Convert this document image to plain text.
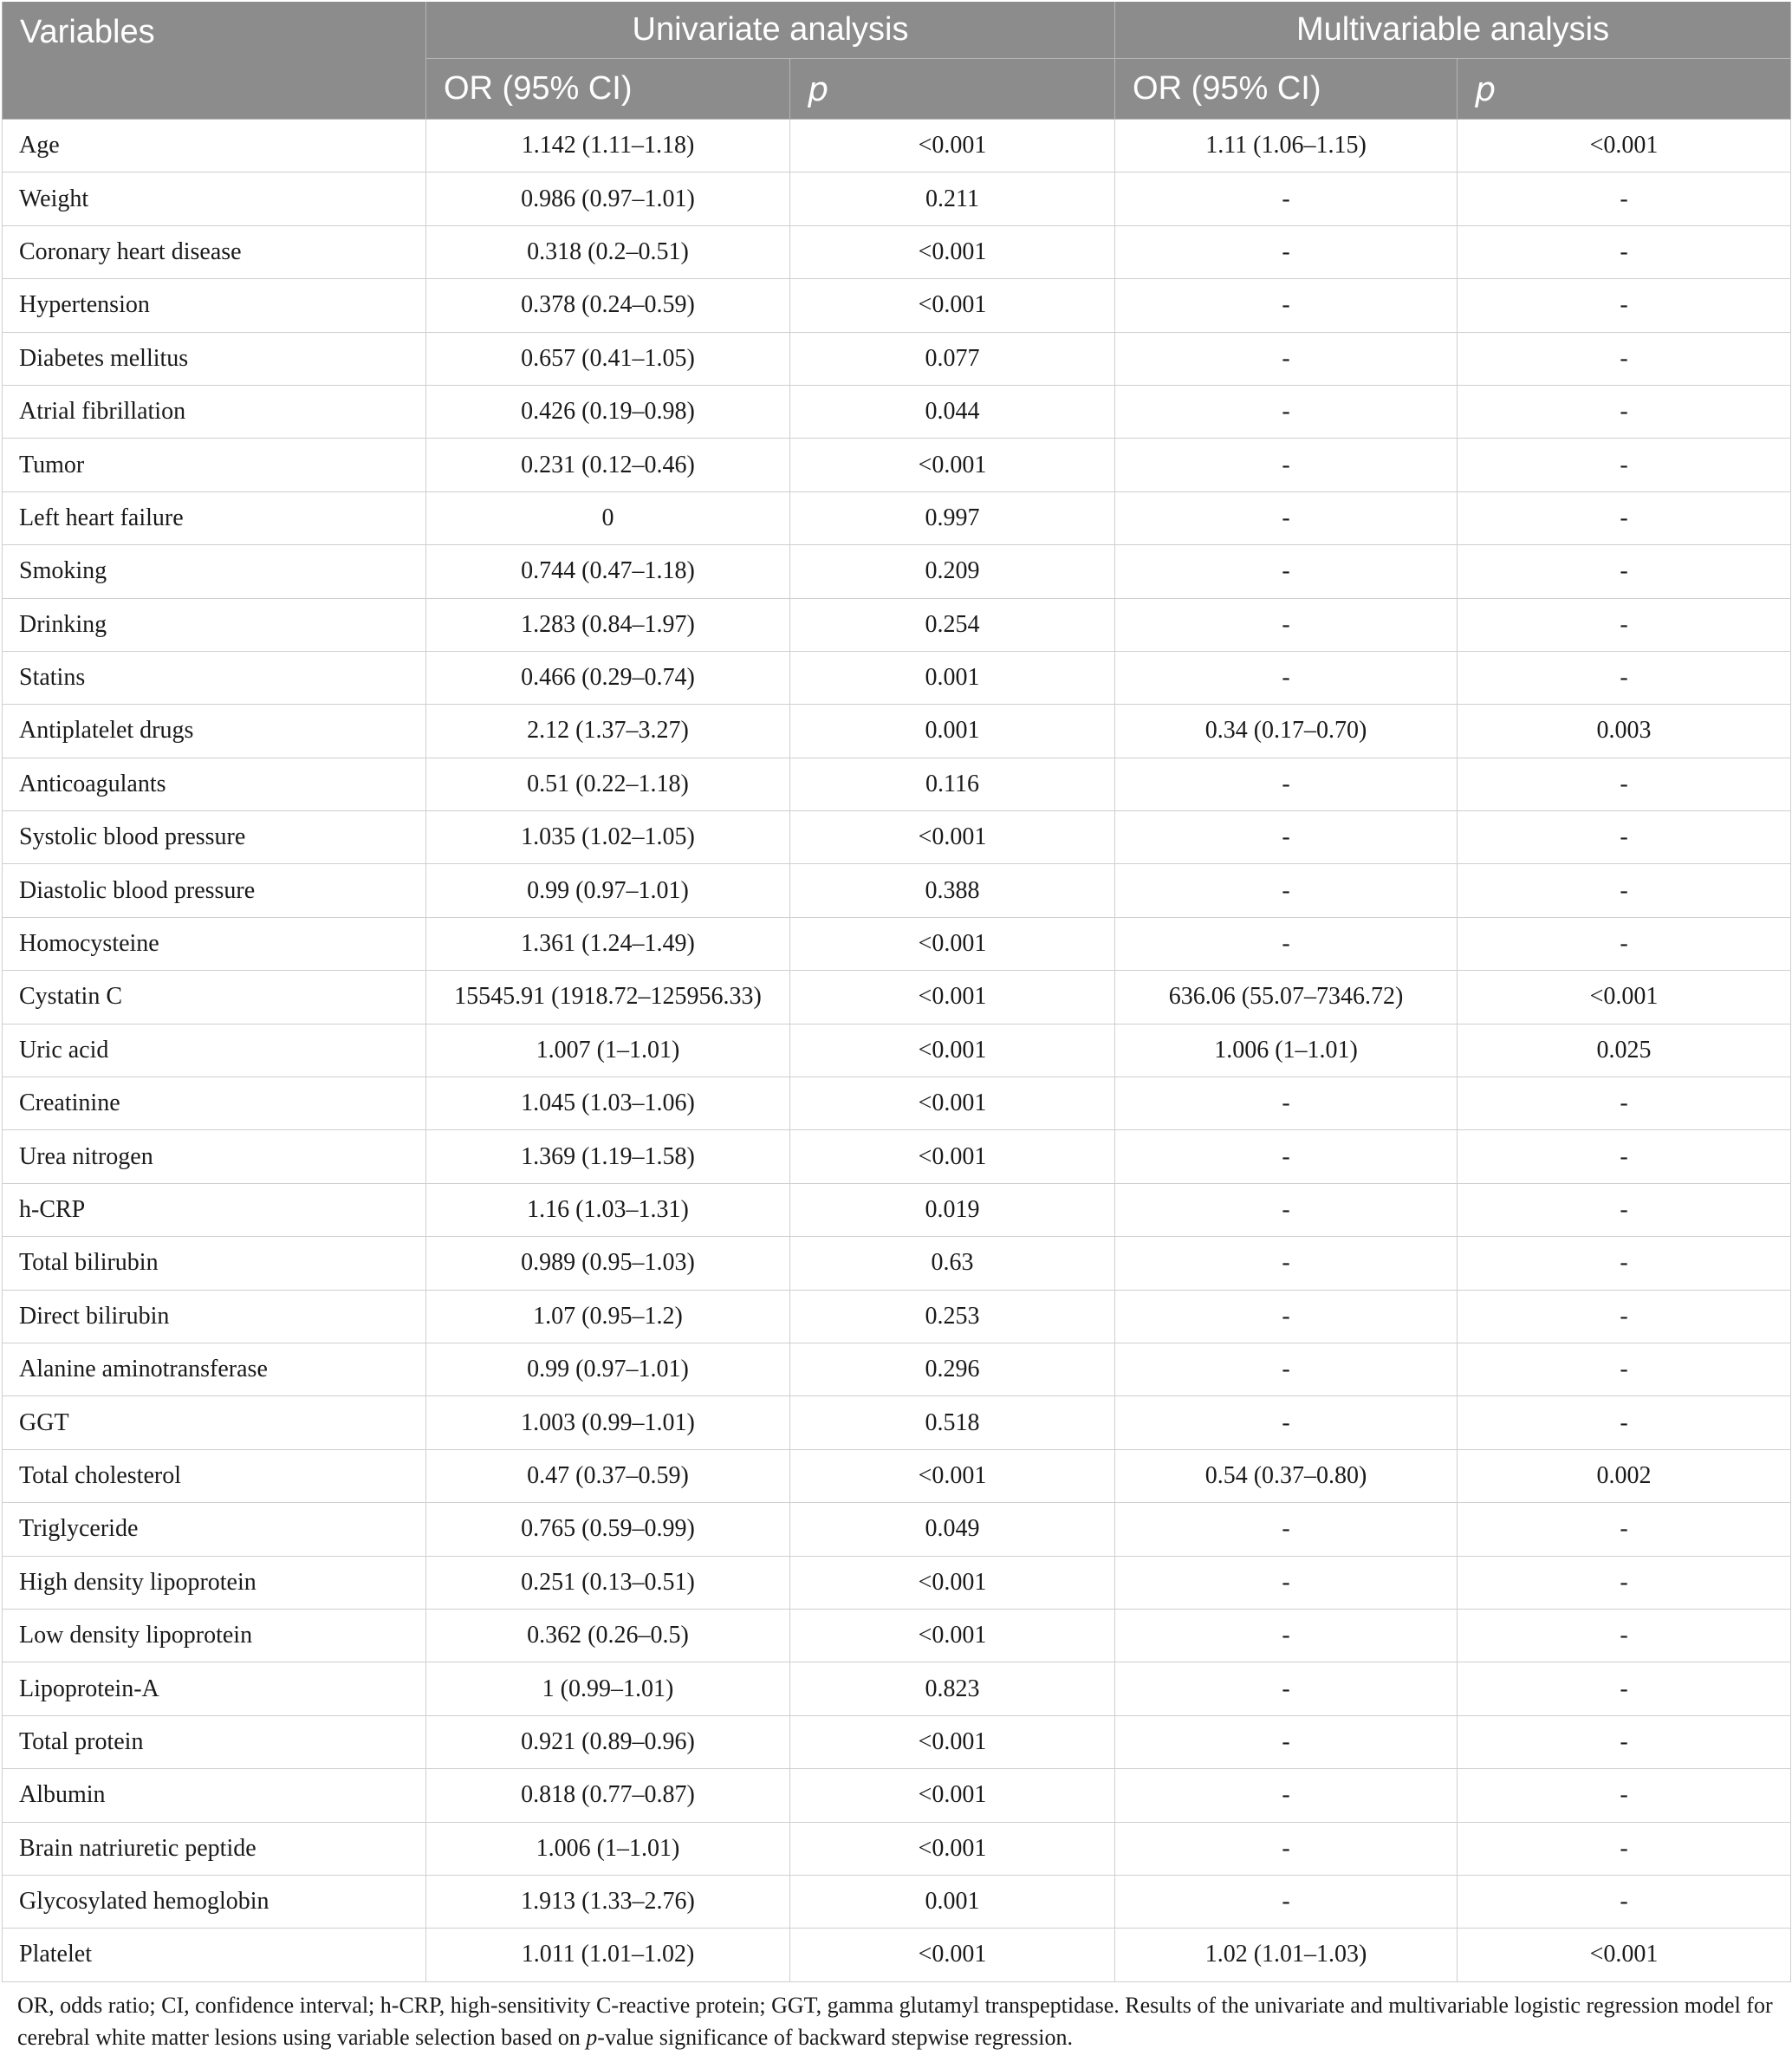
Variables	Univariate analysis		Multivariable analysis	
	OR (95% CI)	p	OR (95% CI)	p
Age	1.142 (1.11–1.18)	<0.001	1.11 (1.06–1.15)	<0.001
Weight	0.986 (0.97–1.01)	0.211	-	-
Coronary heart disease	0.318 (0.2–0.51)	<0.001	-	-
Hypertension	0.378 (0.24–0.59)	<0.001	-	-
Diabetes mellitus	0.657 (0.41–1.05)	0.077	-	-
Atrial fibrillation	0.426 (0.19–0.98)	0.044	-	-
Tumor	0.231 (0.12–0.46)	<0.001	-	-
Left heart failure	0	0.997	-	-
Smoking	0.744 (0.47–1.18)	0.209	-	-
Drinking	1.283 (0.84–1.97)	0.254	-	-
Statins	0.466 (0.29–0.74)	0.001	-	-
Antiplatelet drugs	2.12 (1.37–3.27)	0.001	0.34 (0.17–0.70)	0.003
Anticoagulants	0.51 (0.22–1.18)	0.116	-	-
Systolic blood pressure	1.035 (1.02–1.05)	<0.001	-	-
Diastolic blood pressure	0.99 (0.97–1.01)	0.388	-	-
Homocysteine	1.361 (1.24–1.49)	<0.001	-	-
Cystatin C	15545.91 (1918.72–125956.33)	<0.001	636.06 (55.07–7346.72)	<0.001
Uric acid	1.007 (1–1.01)	<0.001	1.006 (1–1.01)	0.025
Creatinine	1.045 (1.03–1.06)	<0.001	-	-
Urea nitrogen	1.369 (1.19–1.58)	<0.001	-	-
h-CRP	1.16 (1.03–1.31)	0.019	-	-
Total bilirubin	0.989 (0.95–1.03)	0.63	-	-
Direct bilirubin	1.07 (0.95–1.2)	0.253	-	-
Alanine aminotransferase	0.99 (0.97–1.01)	0.296	-	-
GGT	1.003 (0.99–1.01)	0.518	-	-
Total cholesterol	0.47 (0.37–0.59)	<0.001	0.54 (0.37–0.80)	0.002
Triglyceride	0.765 (0.59–0.99)	0.049	-	-
High density lipoprotein	0.251 (0.13–0.51)	<0.001	-	-
Low density lipoprotein	0.362 (0.26–0.5)	<0.001	-	-
Lipoprotein-A	1 (0.99–1.01)	0.823	-	-
Total protein	0.921 (0.89–0.96)	<0.001	-	-
Albumin	0.818 (0.77–0.87)	<0.001	-	-
Brain natriuretic peptide	1.006 (1–1.01)	<0.001	-	-
Glycosylated hemoglobin	1.913 (1.33–2.76)	0.001	-	-
Platelet	1.011 (1.01–1.02)	<0.001	1.02 (1.01–1.03)	<0.001
OR, odds ratio; CI, confidence interval; h-CRP, high-sensitivity C-reactive protein; GGT, gamma glutamyl transpeptidase. Results of the univariate and multivariable logistic regression model for cerebral white matter lesions using variable selection based on p-value significance of backward stepwise regression.
